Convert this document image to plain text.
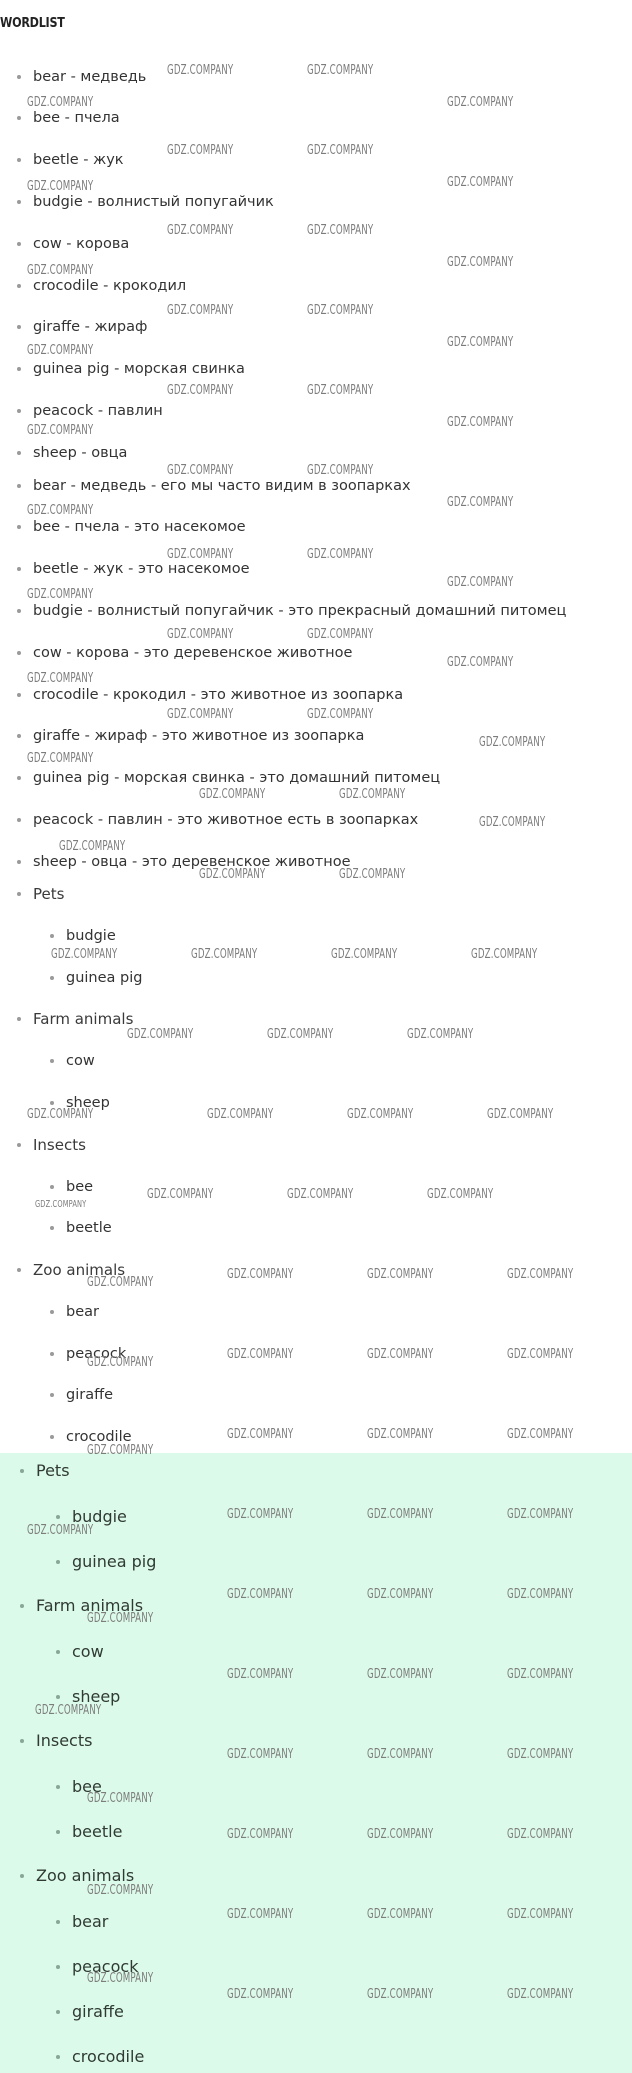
WORDLIST

bear - медведь

bee - пчела

beetle - жук

budgie - волнистый попугайчик

cow - корова

crocodile - крокодил

giraffe - жираф

guinea pig - морская свинка

peacock - павлин

sheep - овца

bear - медведь - его мы часто видим в зоопарках

bee - пчела - это насекомое

beetle - жук - это насекомое

budgie - волнистый попугайчик - это прекрасный домашний питомец

cow - корова - это деревенское животное

crocodile - крокодил - это животное из зоопарка

giraffe - жираф - это животное из зоопарка

guinea pig - морская свинка - это домашний питомец

peacock - павлин - это животное есть в зоопарках

sheep - овца - это деревенское животное

Pets

budgie

guinea pig

Farm animals

cow

sheep

Insects

bee

beetle

Zoo animals

bear

peacock

giraffe

crocodile

Pets

budgie

guinea pig

Farm animals

cow

sheep

Insects

bee

beetle

Zoo animals

bear

peacock

giraffe

crocodile

GDZ.COMPANY	GDZ.COMPANY
GDZ.COMPANY	GDZ.COMPANY
GDZ.COMPANY	GDZ.COMPANY
GDZ.COMPANY	GDZ.COMPANY
GDZ.COMPANY	GDZ.COMPANY
GDZ.COMPANY
GDZ.COMPANY
GDZ.COMPANY	GDZ.COMPANY
GDZ.COMPANY
GDZ.COMPANY
GDZ.COMPANY	GDZ.COMPANY
GDZ.COMPANY
GDZ.COMPANY
GDZ.COMPANY	GDZ.COMPANY
GDZ.COMPANY
GDZ.COMPANY
GDZ.COMPANY	GDZ.COMPANY
GDZ.COMPANY
GDZ.COMPANY
GDZ.COMPANY	GDZ.COMPANY
GDZ.COMPANY
GDZ.COMPANY
GDZ.COMPANY	GDZ.COMPANY
GDZ.COMPANY
GDZ.COMPANY
GDZ.COMPANY	GDZ.COMPANY
GDZ.COMPANY
GDZ.COMPANY
GDZ.COMPANY	GDZ.COMPANY
GDZ.COMPANY	GDZ.COMPANY	GDZ.COMPANY	GDZ.COMPANY
GDZ.COMPANY	GDZ.COMPANY	GDZ.COMPANY
GDZ.COMPANY	GDZ.COMPANY	GDZ.COMPANY	GDZ.COMPANY
GDZ.COMPANY	GDZ.COMPANY	GDZ.COMPANY
GDZ.COMPANY
GDZ.COMPANY
GDZ.COMPANY	GDZ.COMPANY	GDZ.COMPANY
GDZ.COMPANY
GDZ.COMPANY	GDZ.COMPANY	GDZ.COMPANY
GDZ.COMPANY
GDZ.COMPANY	GDZ.COMPANY	GDZ.COMPANY
GDZ.COMPANY
GDZ.COMPANY	GDZ.COMPANY	GDZ.COMPANY
GDZ.COMPANY
GDZ.COMPANY	GDZ.COMPANY	GDZ.COMPANY
GDZ.COMPANY	GDZ.COMPANY	GDZ.COMPANY
GDZ.COMPANY
GDZ.COMPANY	GDZ.COMPANY	GDZ.COMPANY
GDZ.COMPANY
GDZ.COMPANY	GDZ.COMPANY	GDZ.COMPANY
GDZ.COMPANY
GDZ.COMPANY	GDZ.COMPANY	GDZ.COMPANY
GDZ.COMPANY
GDZ.COMPANY	GDZ.COMPANY	GDZ.COMPANY
